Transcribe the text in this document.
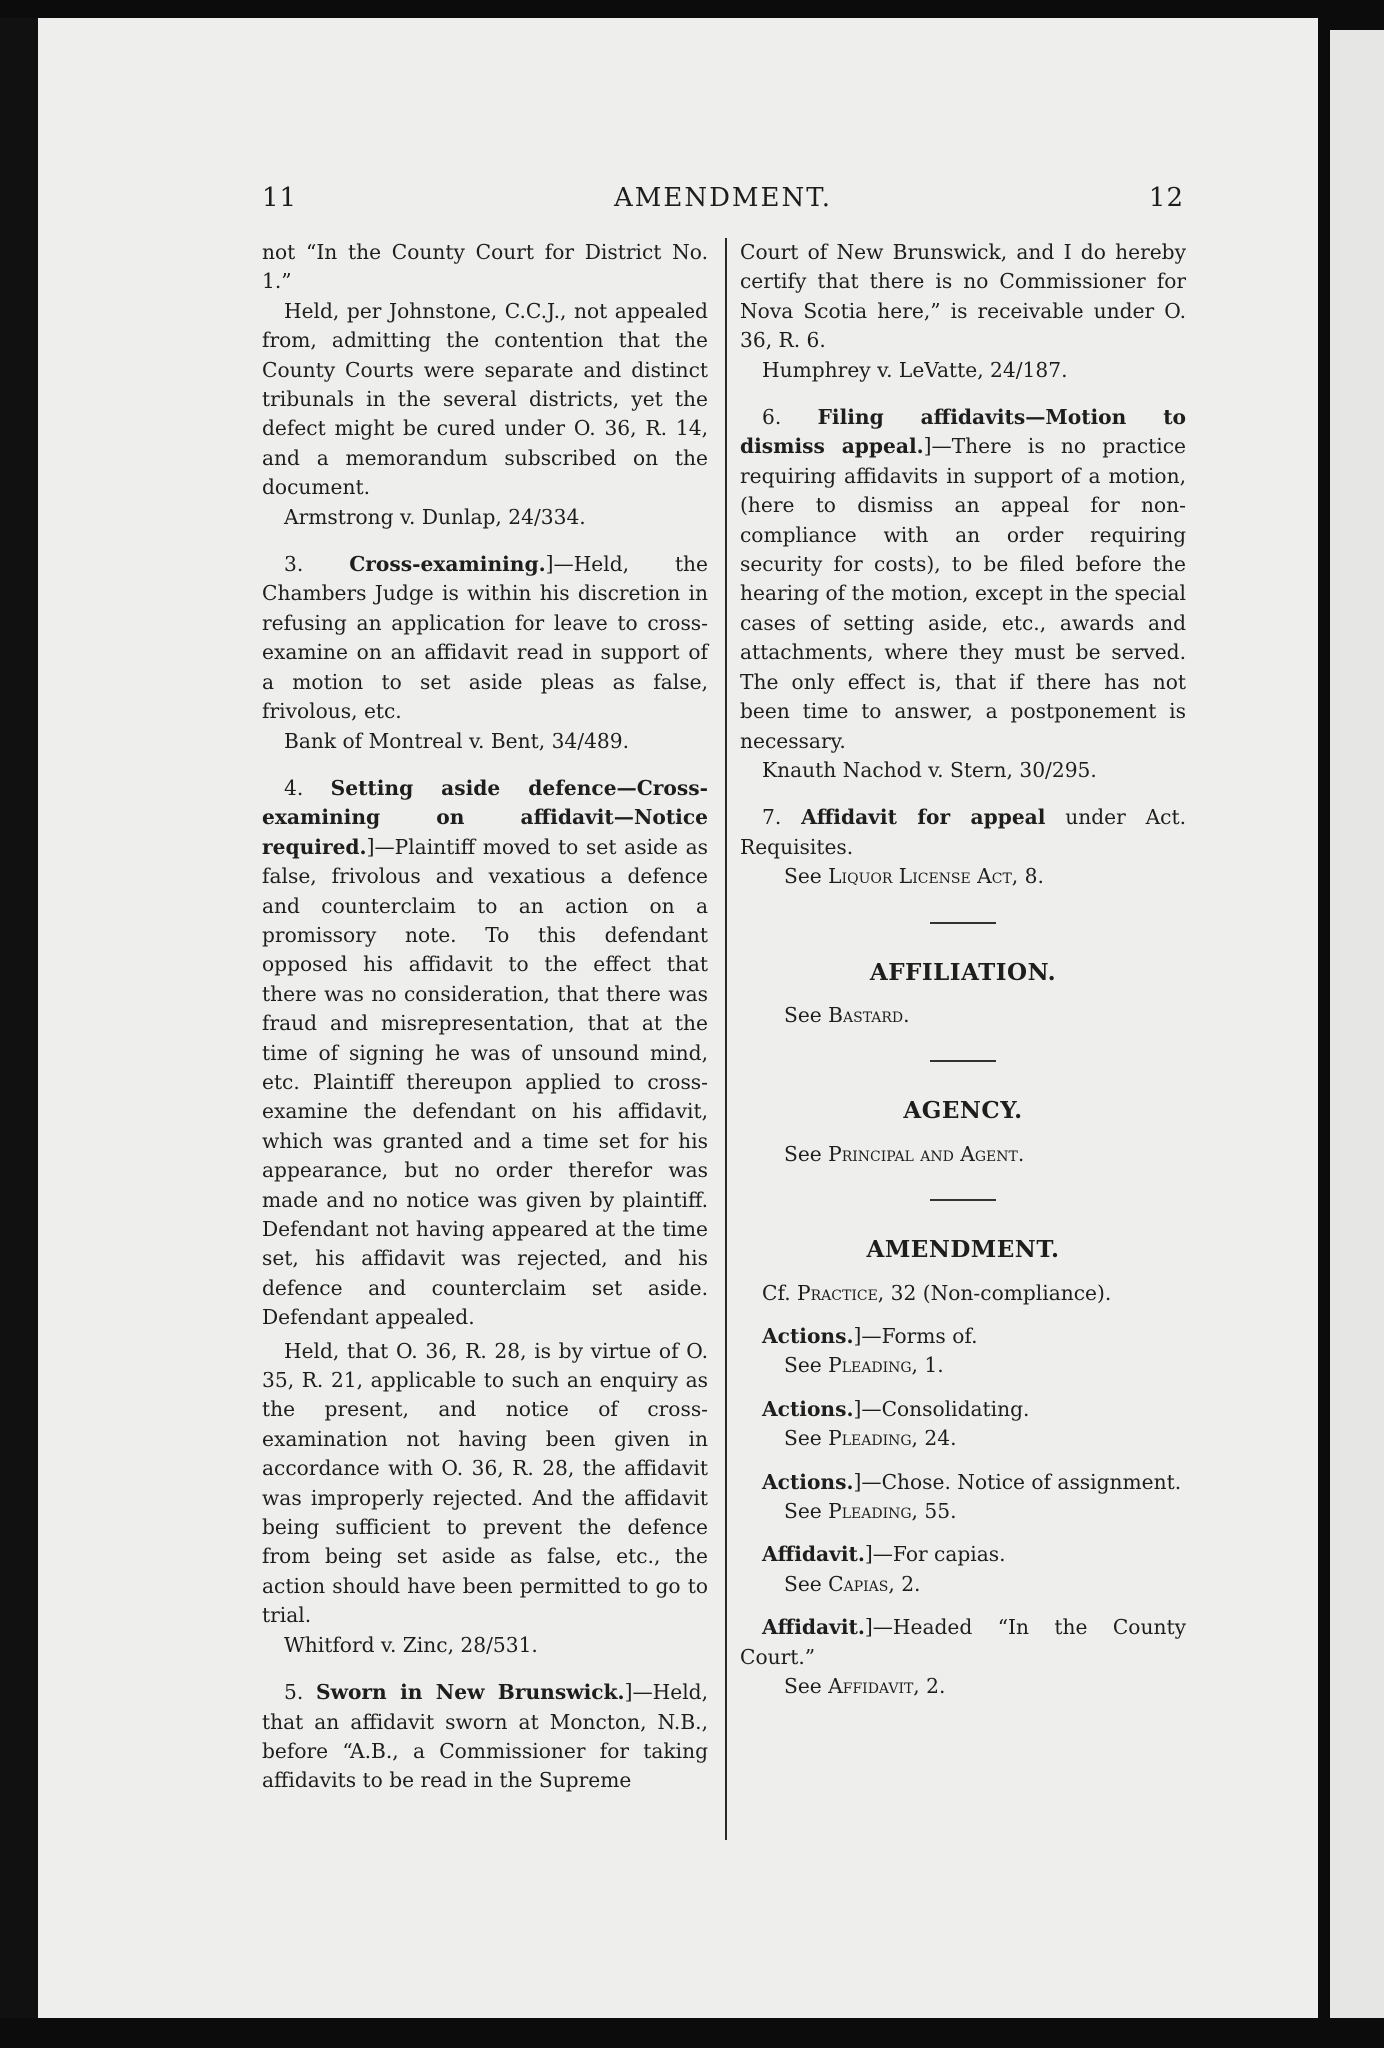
11	AMENDMENT.	12

not “In the County Court for District No. 1.”

Held, per Johnstone, C.C.J., not appealed from, admitting the contention that the County Courts were separate and distinct tribunals in the several districts, yet the defect might be cured under O. 36, R. 14, and a memorandum subscribed on the document.

Armstrong v. Dunlap, 24/334.

3. Cross-examining.]—Held, the Chambers Judge is within his discretion in refusing an application for leave to cross-examine on an affidavit read in support of a motion to set aside pleas as false, frivolous, etc.

Bank of Montreal v. Bent, 34/489.

4. Setting aside defence—Cross-examining on affidavit—Notice required.]—Plaintiff moved to set aside as false, frivolous and vexatious a defence and counterclaim to an action on a promissory note. To this defendant opposed his affidavit to the effect that there was no consideration, that there was fraud and misrepresentation, that at the time of signing he was of unsound mind, etc. Plaintiff thereupon applied to cross-examine the defendant on his affidavit, which was granted and a time set for his appearance, but no order therefor was made and no notice was given by plaintiff. Defendant not having appeared at the time set, his affidavit was rejected, and his defence and counterclaim set aside. Defendant appealed.

Held, that O. 36, R. 28, is by virtue of O. 35, R. 21, applicable to such an enquiry as the present, and notice of cross-examination not having been given in accordance with O. 36, R. 28, the affidavit was improperly rejected. And the affidavit being sufficient to prevent the defence from being set aside as false, etc., the action should have been permitted to go to trial.

Whitford v. Zinc, 28/531.

5. Sworn in New Brunswick.]—Held, that an affidavit sworn at Moncton, N.B., before “A.B., a Commissioner for taking affidavits to be read in the Supreme

Court of New Brunswick, and I do hereby certify that there is no Commissioner for Nova Scotia here,” is receivable under O. 36, R. 6.

Humphrey v. LeVatte, 24/187.

6. Filing affidavits—Motion to dismiss appeal.]—There is no practice requiring affidavits in support of a motion, (here to dismiss an appeal for non-compliance with an order requiring security for costs), to be filed before the hearing of the motion, except in the special cases of setting aside, etc., awards and attachments, where they must be served. The only effect is, that if there has not been time to answer, a postponement is necessary.

Knauth Nachod v. Stern, 30/295.

7. Affidavit for appeal under Act. Requisites.

See Liquor License Act, 8.

AFFILIATION.

See Bastard.

AGENCY.

See Principal and Agent.

AMENDMENT.

Cf. Practice, 32 (Non-compliance).

Actions.]—Forms of.

See Pleading, 1.

Actions.]—Consolidating.

See Pleading, 24.

Actions.]—Chose. Notice of assignment.

See Pleading, 55.

Affidavit.]—For capias.

See Capias, 2.

Affidavit.]—Headed “In the County Court.”

See Affidavit, 2.
